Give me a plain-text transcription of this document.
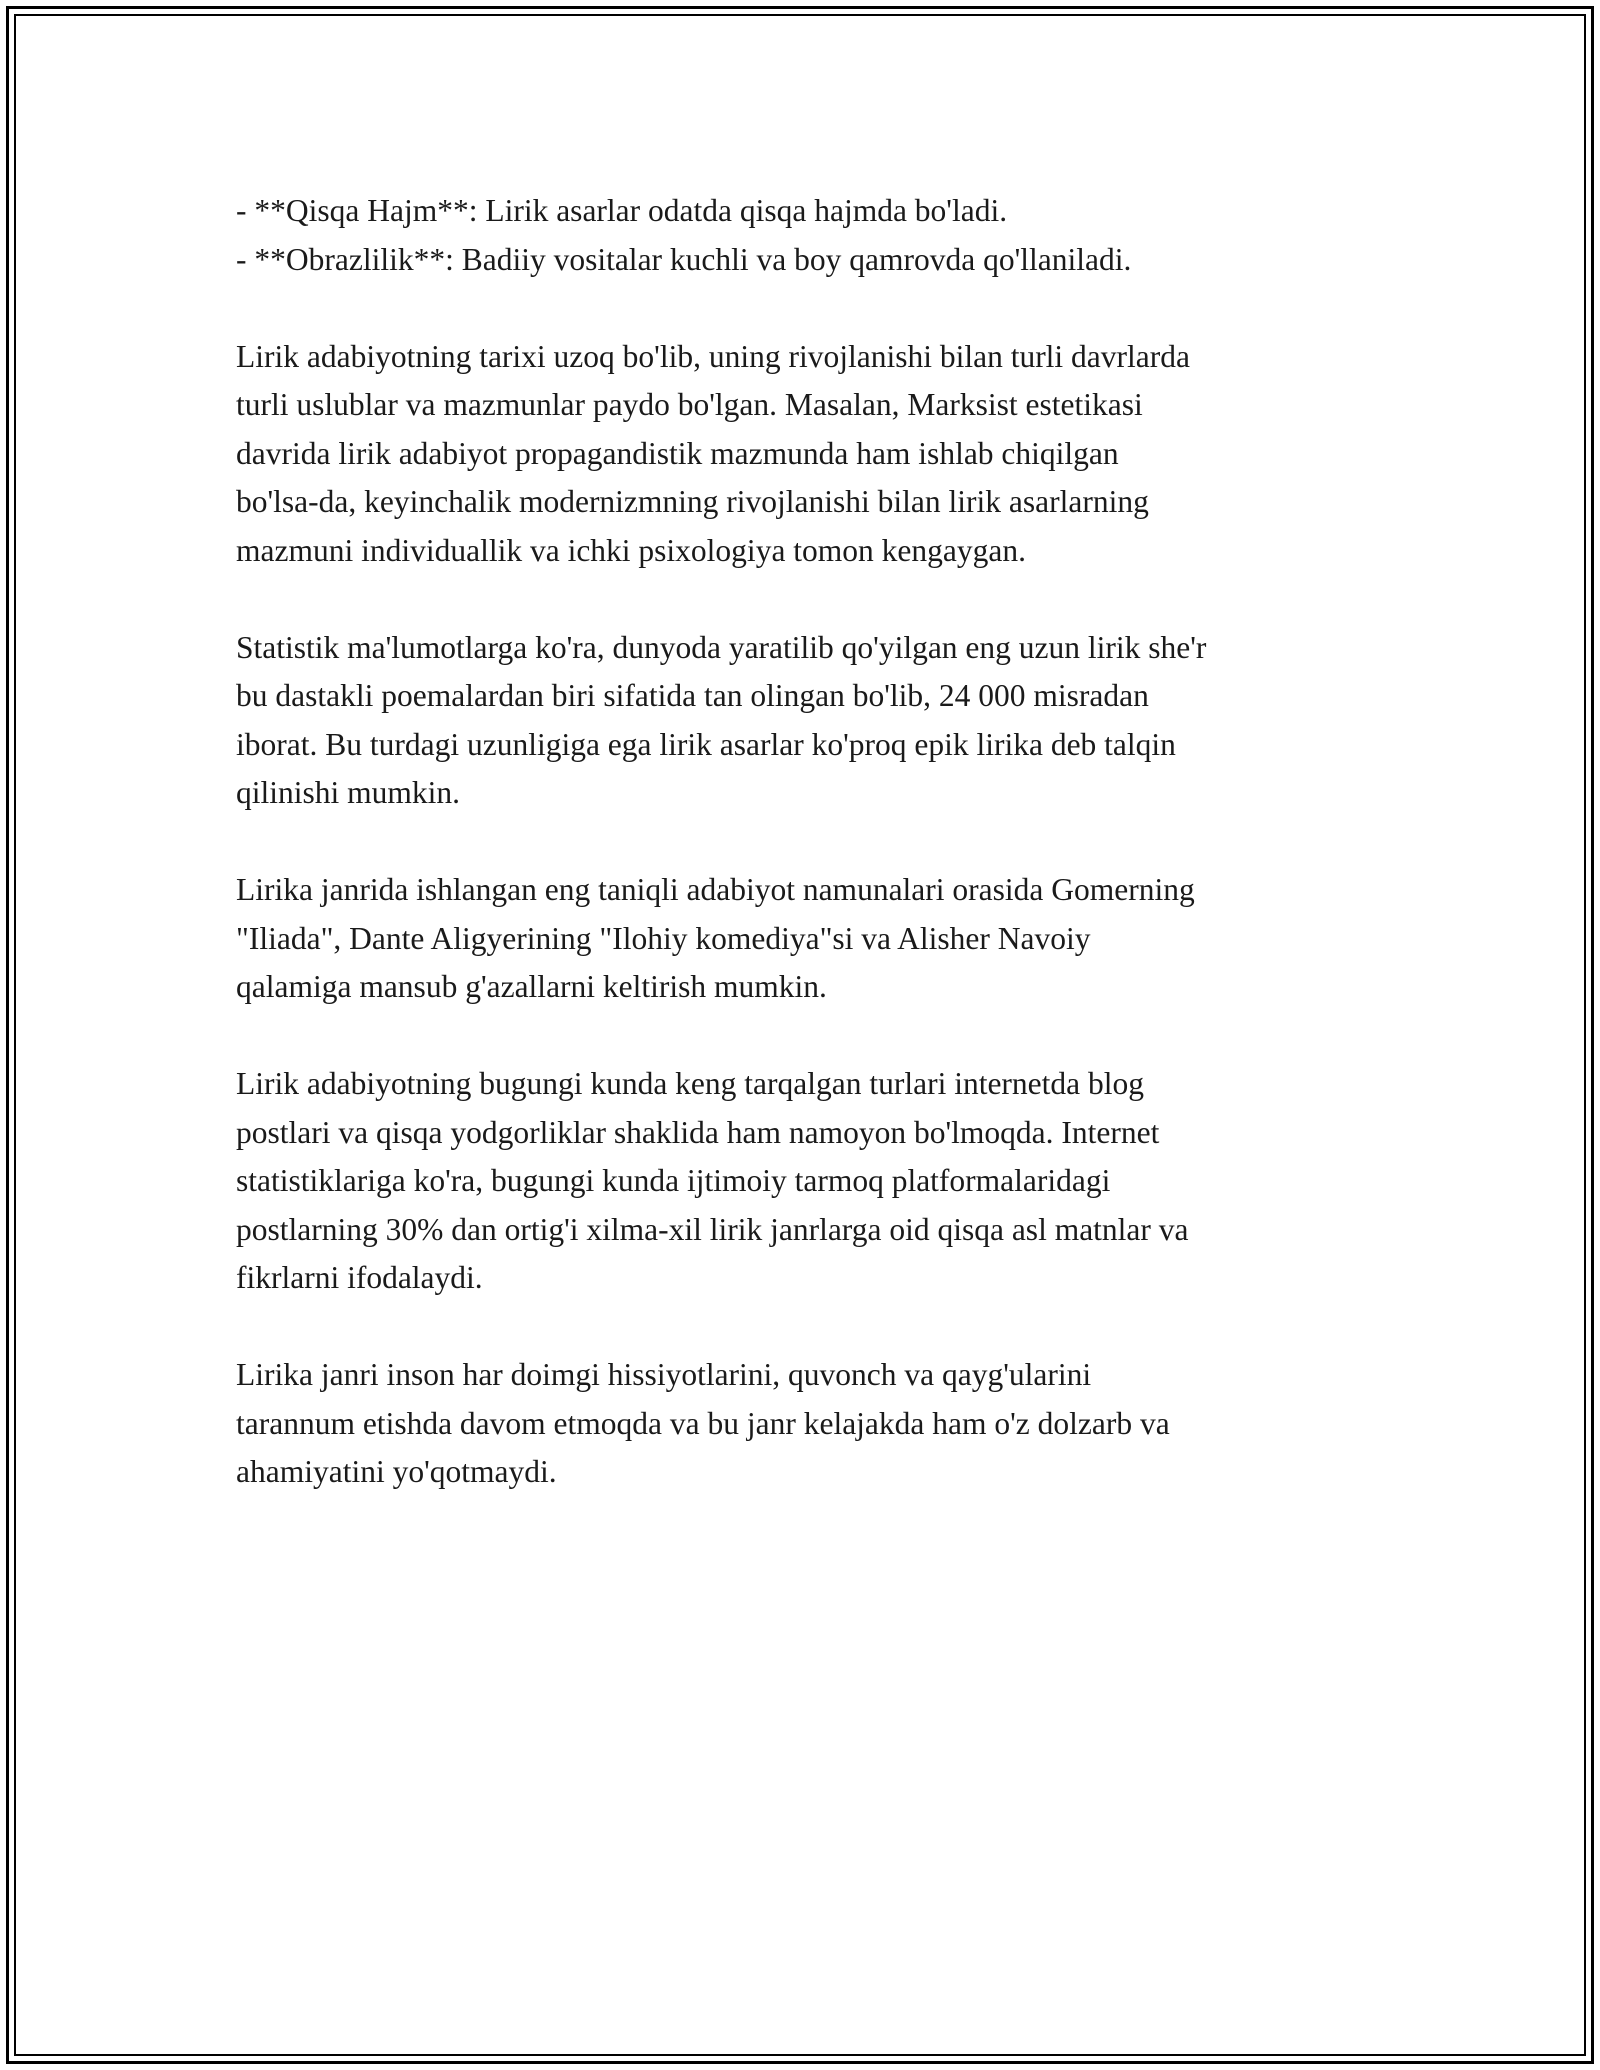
- **Qisqa Hajm**: Lirik asarlar odatda qisqa hajmda bo'ladi.
- **Obrazlilik**: Badiiy vositalar kuchli va boy qamrovda qo'llaniladi.

Lirik adabiyotning tarixi uzoq bo'lib, uning rivojlanishi bilan turli davrlarda
turli uslublar va mazmunlar paydo bo'lgan. Masalan, Marksist estetikasi
davrida lirik adabiyot propagandistik mazmunda ham ishlab chiqilgan
bo'lsa-da, keyinchalik modernizmning rivojlanishi bilan lirik asarlarning
mazmuni individuallik va ichki psixologiya tomon kengaygan.

Statistik ma'lumotlarga ko'ra, dunyoda yaratilib qo'yilgan eng uzun lirik she'r
bu dastakli poemalardan biri sifatida tan olingan bo'lib, 24 000 misradan
iborat. Bu turdagi uzunligiga ega lirik asarlar ko'proq epik lirika deb talqin
qilinishi mumkin.

Lirika janrida ishlangan eng taniqli adabiyot namunalari orasida Gomerning
"Iliada", Dante Aligyerining "Ilohiy komediya"si va Alisher Navoiy
qalamiga mansub g'azallarni keltirish mumkin.

Lirik adabiyotning bugungi kunda keng tarqalgan turlari internetda blog
postlari va qisqa yodgorliklar shaklida ham namoyon bo'lmoqda. Internet
statistiklariga ko'ra, bugungi kunda ijtimoiy tarmoq platformalaridagi
postlarning 30% dan ortig'i xilma-xil lirik janrlarga oid qisqa asl matnlar va
fikrlarni ifodalaydi.

Lirika janri inson har doimgi hissiyotlarini, quvonch va qayg'ularini
tarannum etishda davom etmoqda va bu janr kelajakda ham o'z dolzarb va
ahamiyatini yo'qotmaydi.
